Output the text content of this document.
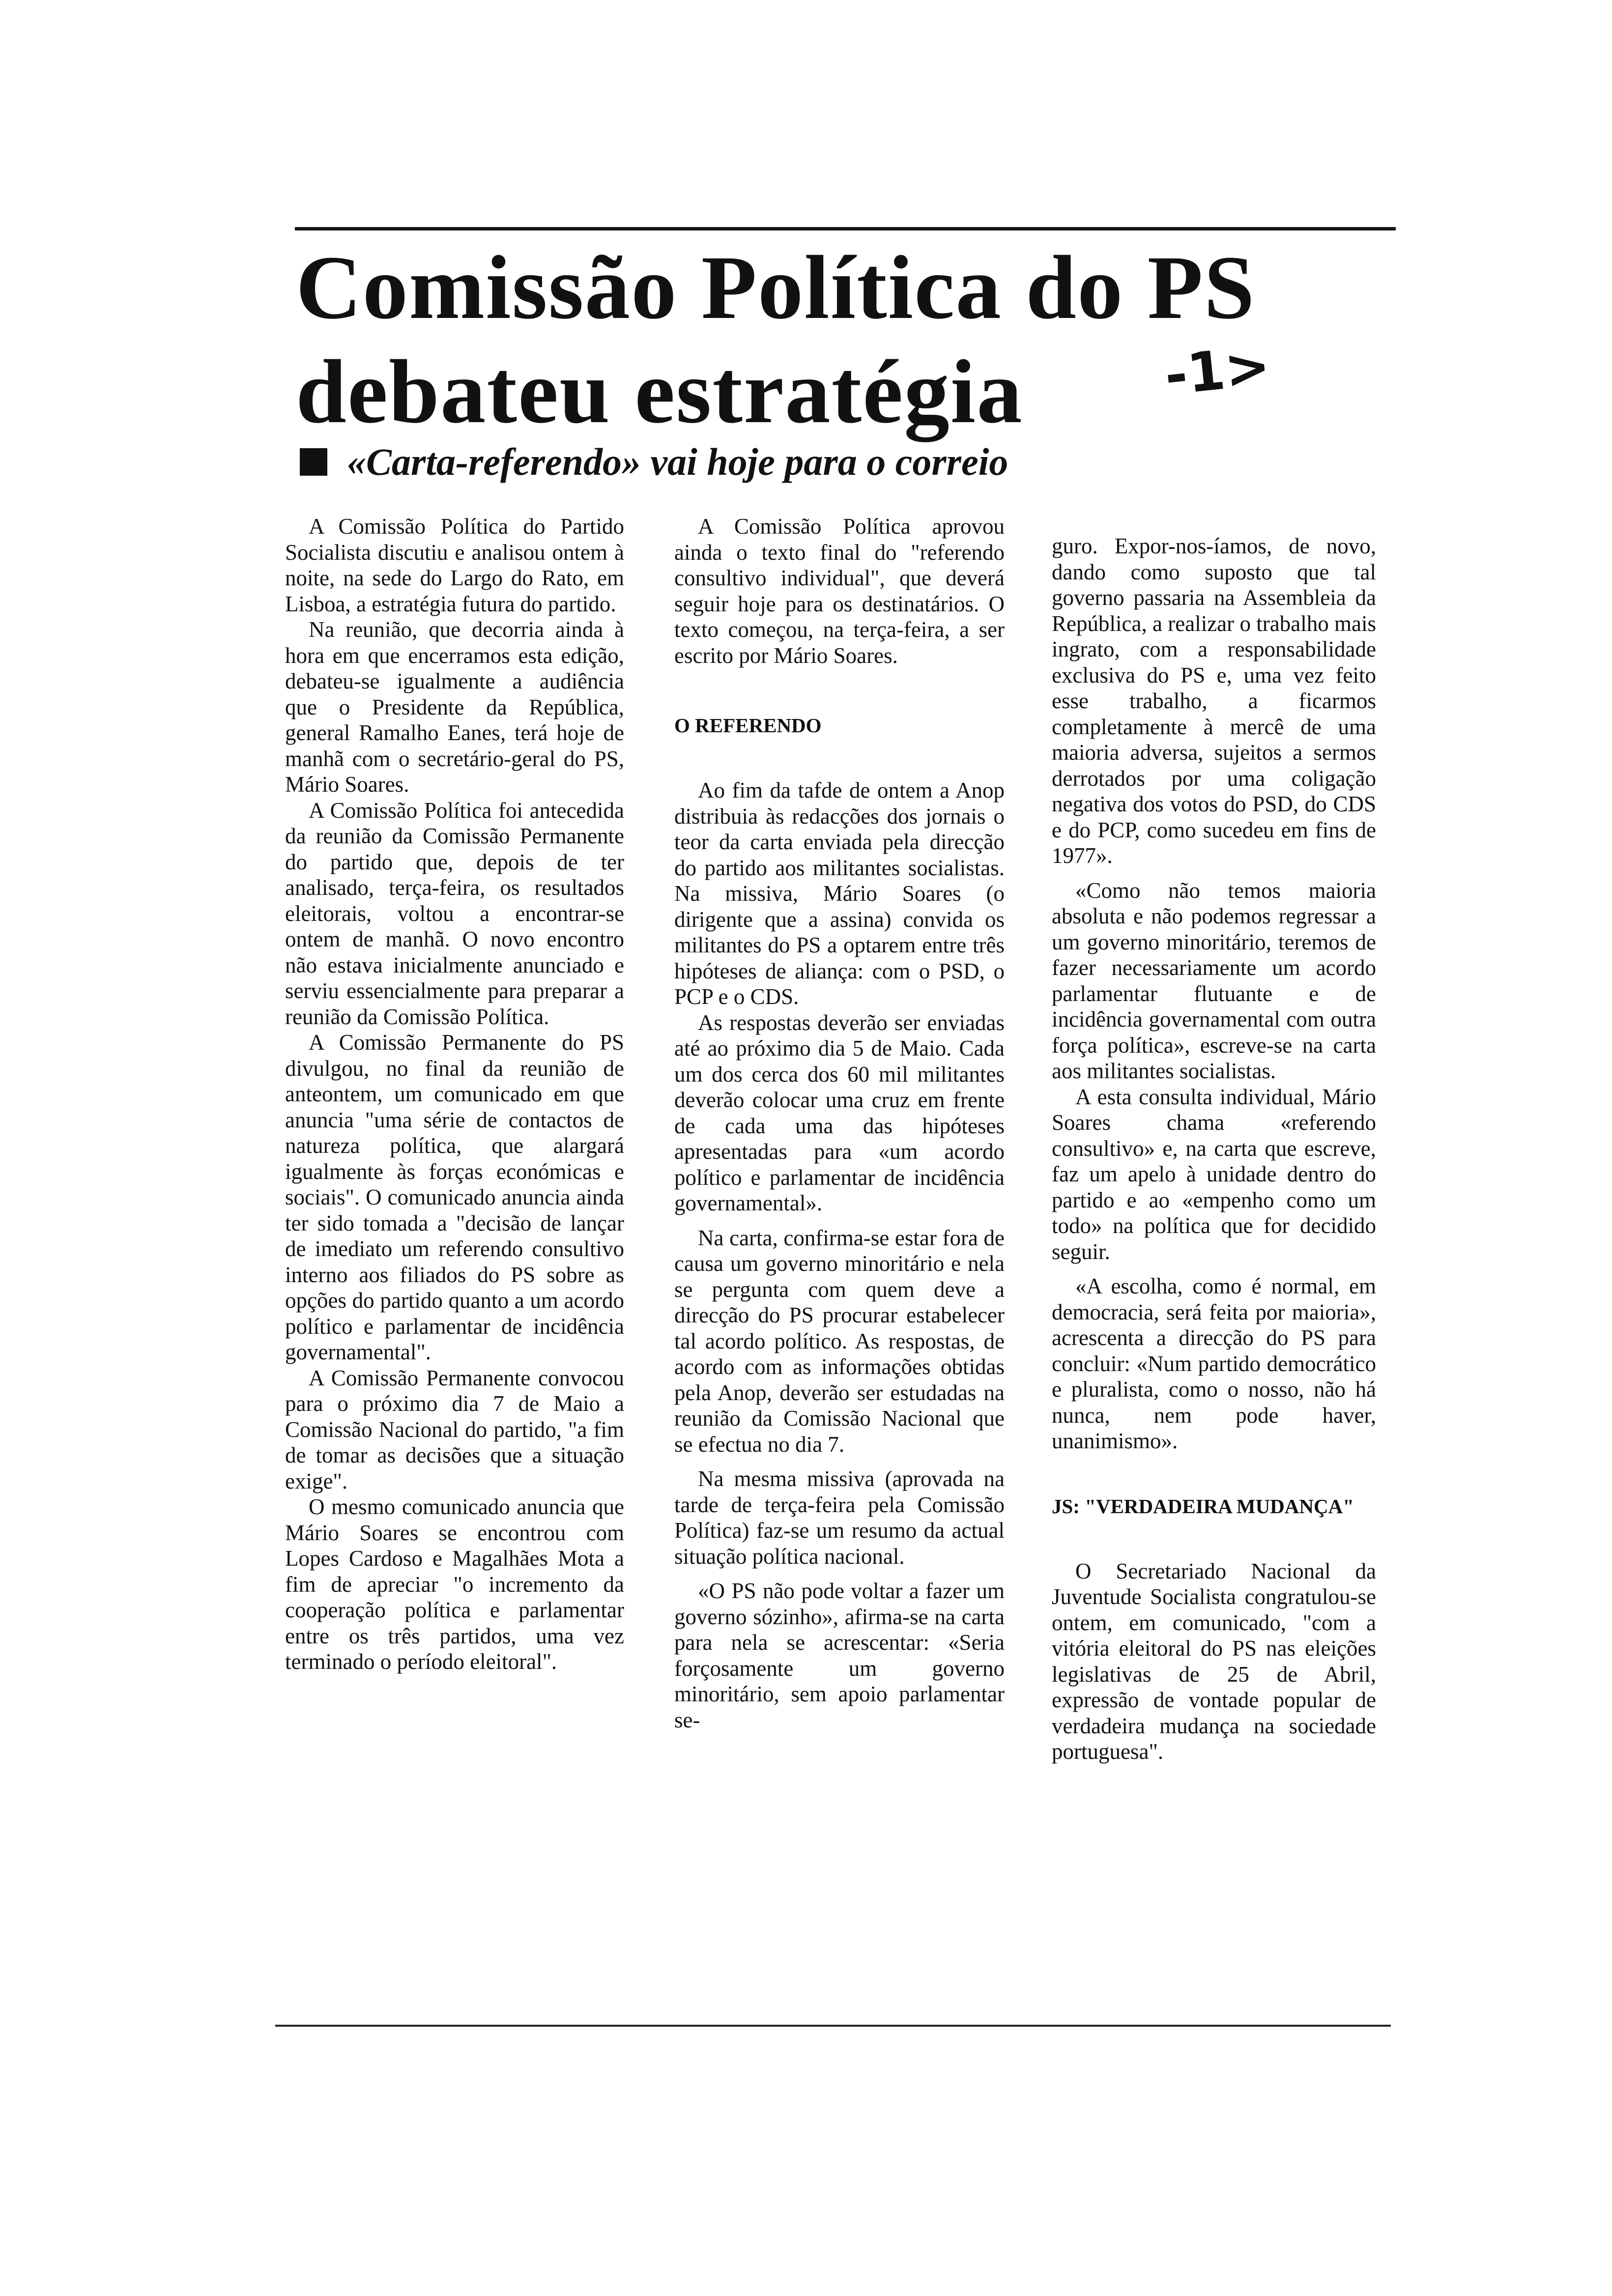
Comissão Política do PS
debateu estratégia	-1>
«Carta-referendo» vai hoje para o correio

A Comissão Política do Partido Socialista discutiu e analisou ontem à noite, na sede do Largo do Rato, em Lisboa, a estratégia futura do partido.

Na reunião, que decorria ainda à hora em que encerramos esta edição, debateu-se igualmente a audiência que o Presidente da República, general Ramalho Eanes, terá hoje de manhã com o secretário-geral do PS, Mário Soares.

A Comissão Política foi antecedida da reunião da Comissão Permanente do partido que, depois de ter analisado, terça-feira, os resultados eleitorais, voltou a encontrar-se ontem de manhã. O novo encontro não estava inicialmente anunciado e serviu essencialmente para preparar a reunião da Comissão Política.

A Comissão Permanente do PS divulgou, no final da reunião de anteontem, um comunicado em que anuncia "uma série de contactos de natureza política, que alargará igualmente às forças económicas e sociais". O comunicado anuncia ainda ter sido tomada a "decisão de lançar de imediato um referendo consultivo interno aos filiados do PS sobre as opções do partido quanto a um acordo político e parlamentar de incidência governamental".

A Comissão Permanente convocou para o próximo dia 7 de Maio a Comissão Nacional do partido, "a fim de tomar as decisões que a situação exige".

O mesmo comunicado anuncia que Mário Soares se encontrou com Lopes Cardoso e Magalhães Mota a fim de apreciar "o incremento da cooperação política e parlamentar entre os três partidos, uma vez terminado o período eleitoral".

A Comissão Política aprovou ainda o texto final do "referendo consultivo individual", que deverá seguir hoje para os destinatários. O texto começou, na terça-feira, a ser escrito por Mário Soares.

O REFERENDO

Ao fim da tafde de ontem a Anop distribuia às redacções dos jornais o teor da carta enviada pela direcção do partido aos militantes socialistas. Na missiva, Mário Soares (o dirigente que a assina) convida os militantes do PS a optarem entre três hipóteses de aliança: com o PSD, o PCP e o CDS.

As respostas deverão ser enviadas até ao próximo dia 5 de Maio. Cada um dos cerca dos 60 mil militantes deverão colocar uma cruz em frente de cada uma das hipóteses apresentadas para «um acordo político e parlamentar de incidência governamental».

Na carta, confirma-se estar fora de causa um governo minoritário e nela se pergunta com quem deve a direcção do PS procurar estabelecer tal acordo político. As respostas, de acordo com as informações obtidas pela Anop, deverão ser estudadas na reunião da Comissão Nacional que se efectua no dia 7.

Na mesma missiva (aprovada na tarde de terça-feira pela Comissão Política) faz-se um resumo da actual situação política nacional.

«O PS não pode voltar a fazer um governo sózinho», afirma-se na carta para nela se acrescentar: «Seria forçosamente um governo minoritário, sem apoio parlamentar se-

guro. Expor-nos-íamos, de novo, dando como suposto que tal governo passaria na Assembleia da República, a realizar o trabalho mais ingrato, com a responsabilidade exclusiva do PS e, uma vez feito esse trabalho, a ficarmos completamente à mercê de uma maioria adversa, sujeitos a sermos derrotados por uma coligação negativa dos votos do PSD, do CDS e do PCP, como sucedeu em fins de 1977».

«Como não temos maioria absoluta e não podemos regressar a um governo minoritário, teremos de fazer necessariamente um acordo parlamentar flutuante e de incidência governamental com outra força política», escreve-se na carta aos militantes socialistas.

A esta consulta individual, Mário Soares chama «referendo consultivo» e, na carta que escreve, faz um apelo à unidade dentro do partido e ao «empenho como um todo» na política que for decidido seguir.

«A escolha, como é normal, em democracia, será feita por maioria», acrescenta a direcção do PS para concluir: «Num partido democrático e pluralista, como o nosso, não há nunca, nem pode haver, unanimismo».

JS: "VERDADEIRA MUDANÇA"

O Secretariado Nacional da Juventude Socialista congratulou-se ontem, em comunicado, "com a vitória eleitoral do PS nas eleições legislativas de 25 de Abril, expressão de vontade popular de verdadeira mudança na sociedade portuguesa".
